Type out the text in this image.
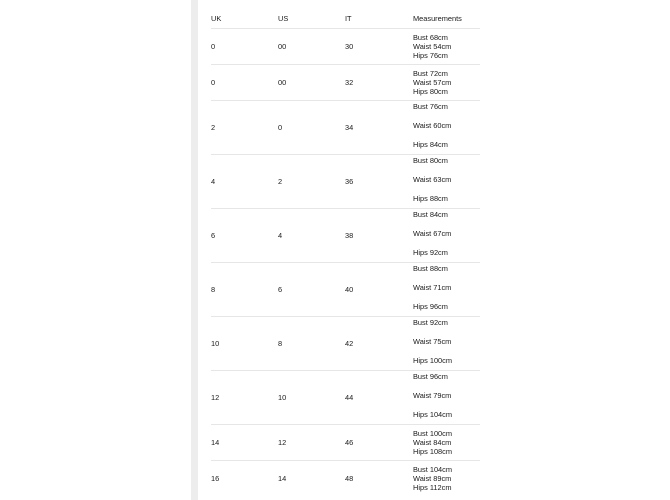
UK	US	IT	Measurements
0	00	30	Bust 68cm
Waist 54cm
Hips 76cm

0	00	32	Bust 72cm
Waist 57cm
Hips 80cm

2	0	34	Bust 76cm
Waist 60cm
Hips 84cm

4	2	36	Bust 80cm
Waist 63cm
Hips 88cm

6	4	38	Bust 84cm
Waist 67cm
Hips 92cm

8	6	40	Bust 88cm
Waist 71cm
Hips 96cm

10	8	42	Bust 92cm
Waist 75cm
Hips 100cm

12	10	44	Bust 96cm
Waist 79cm
Hips 104cm

14	12	46	Bust 100cm
Waist 84cm
Hips 108cm

16	14	48	Bust 104cm
Waist 89cm
Hips 112cm
